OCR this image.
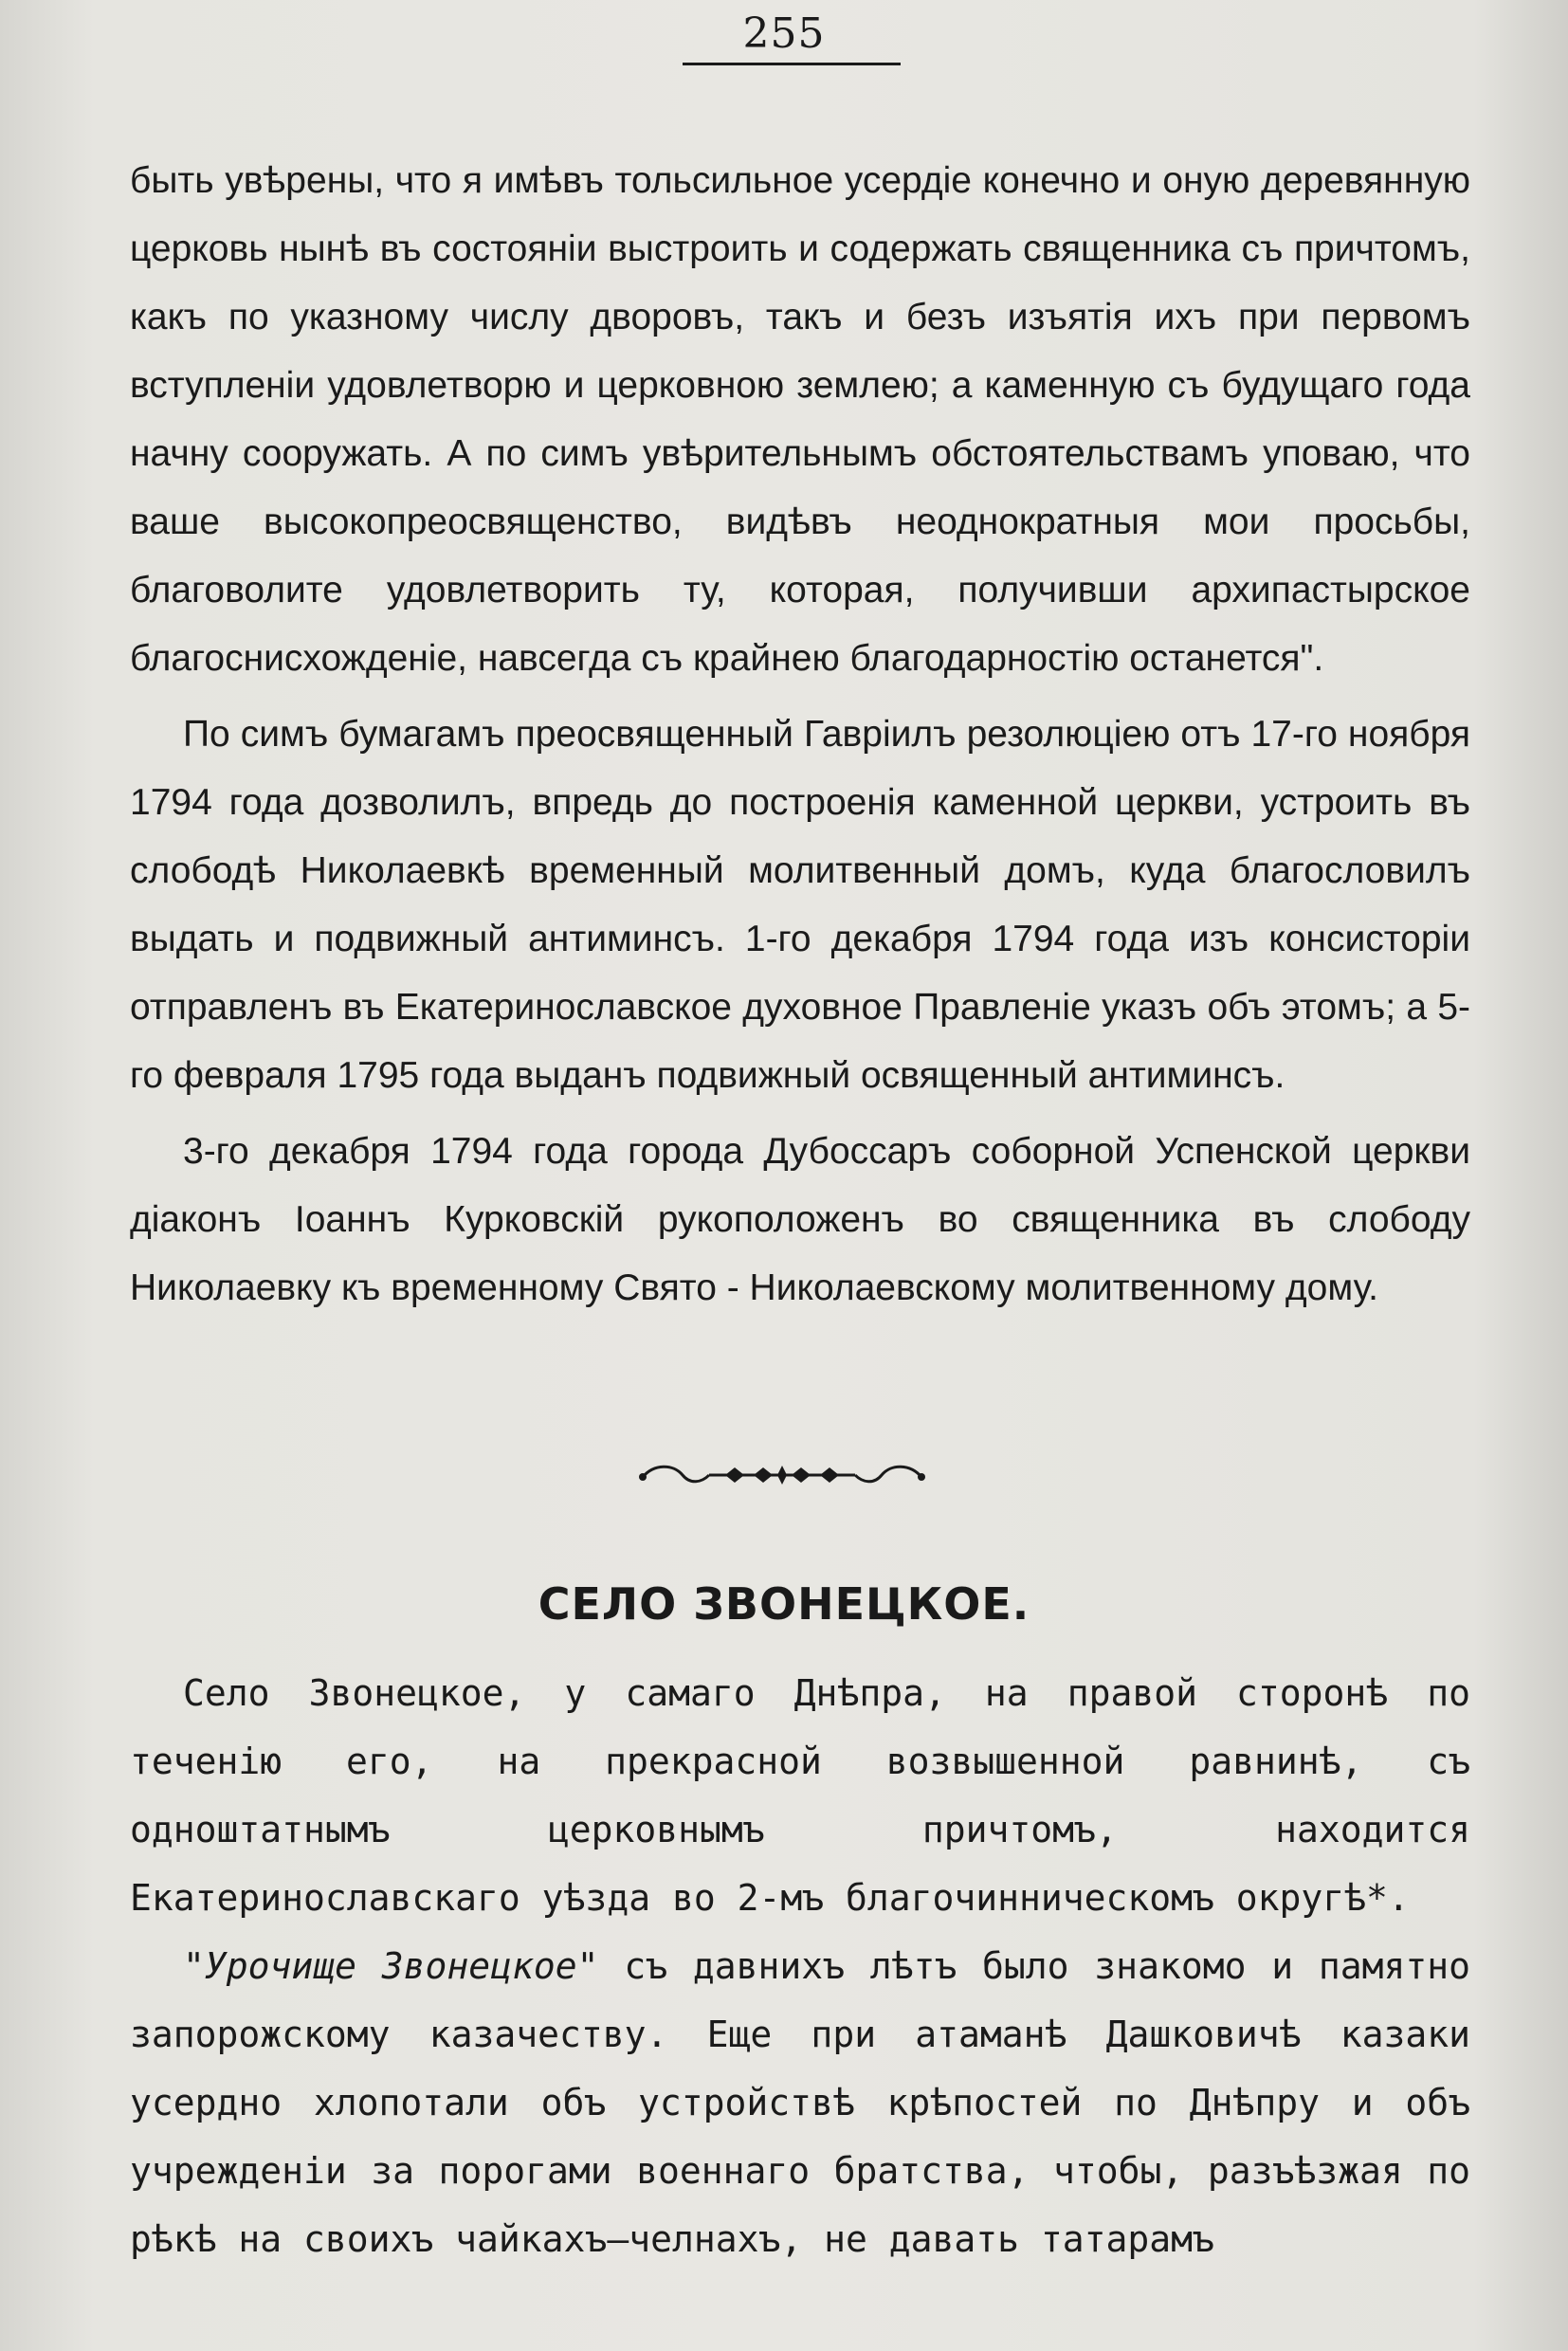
255

быть увѣрены, что я имѣвъ тольсильное усердіе конечно и оную деревянную церковь нынѣ въ состояніи выстроить и содержать священника съ причтомъ, какъ по указному числу дворовъ, такъ и безъ изъятія ихъ при первомъ вступленіи удовлетворю и церковною землею; а каменную съ будущаго года начну сооружать. А по симъ увѣрительнымъ обстоятельствамъ уповаю, что ваше высокопреосвященство, видѣвъ неоднократныя мои просьбы, благоволите удовлетворить ту, которая, получивши архипастырское благоснисхожденіе, навсегда съ крайнею благодарностію останется".

По симъ бумагамъ преосвященный Гавріилъ резолюціею отъ 17-го ноября 1794 года дозволилъ, впредь до построенія каменной церкви, устроить въ слободѣ Николаевкѣ временный молитвенный домъ, куда благословилъ выдать и подвижный антиминсъ. 1-го декабря 1794 года изъ консисторіи отправленъ въ Екатеринославское духовное Правленіе указъ объ этомъ; а 5-го февраля 1795 года выданъ подвижный освященный антиминсъ.

3-го декабря 1794 года города Дубоссаръ соборной Успенской церкви діаконъ Іоаннъ Курковскій рукоположенъ во священника въ слободу Николаевку къ временному Свято - Николаевскому молитвенному дому.

СЕЛО ЗВОНЕЦКОЕ.

Село Звонецкое, у самаго Днѣпра, на правой сторонѣ по теченію его, на прекрасной возвышенной равнинѣ, съ одноштатнымъ церковнымъ причтомъ, находится Екатеринославскаго уѣзда во 2-мъ благочинническомъ округѣ*.

"Урочище Звонецкое" съ давнихъ лѣтъ было знакомо и памятно запорожскому казачеству. Еще при атаманѣ Дашковичѣ казаки усердно хлопотали объ устройствѣ крѣпостей по Днѣпру и объ учрежденіи за порогами военнаго братства, чтобы, разъѣзжая по рѣкѣ на своихъ чайкахъ—челнахъ, не давать татарамъ
